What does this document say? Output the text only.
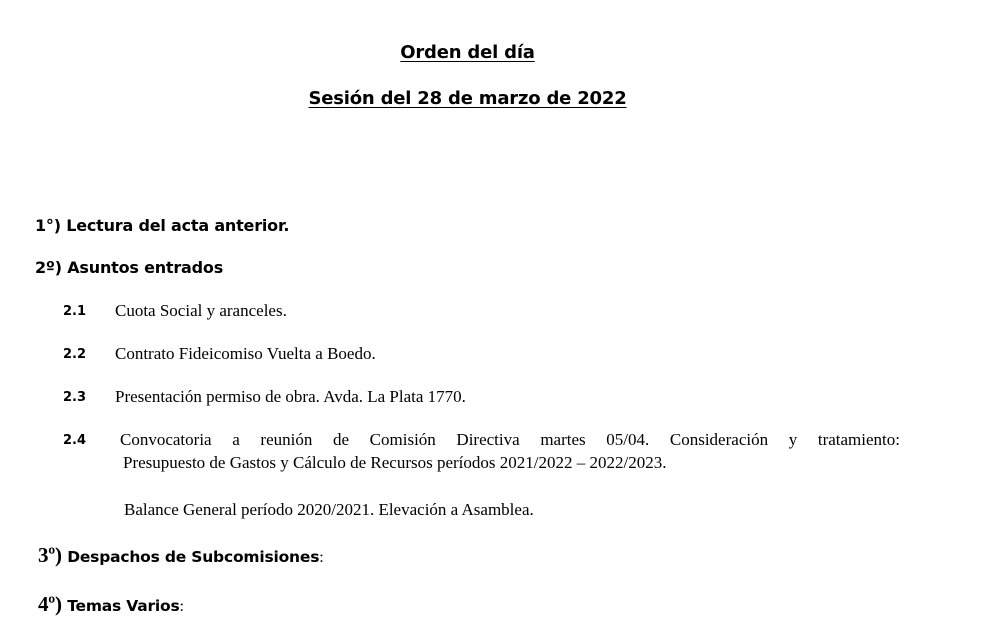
Orden del día
Sesión del 28 de marzo de 2022
1°) Lectura del acta anterior.
2º) Asuntos entrados
2.1 Cuota Social y aranceles.
2.2 Contrato Fideicomiso Vuelta a Boedo.
2.3 Presentación permiso de obra. Avda. La Plata 1770.
2.4 Convocatoria a reunión de Comisión Directiva martes 05/04. Consideración y tratamiento:
Presupuesto de Gastos y Cálculo de Recursos períodos 2021/2022 – 2022/2023.
Balance General período 2020/2021. Elevación a Asamblea.
3º) Despachos de Subcomisiones:
4º) Temas Varios:
